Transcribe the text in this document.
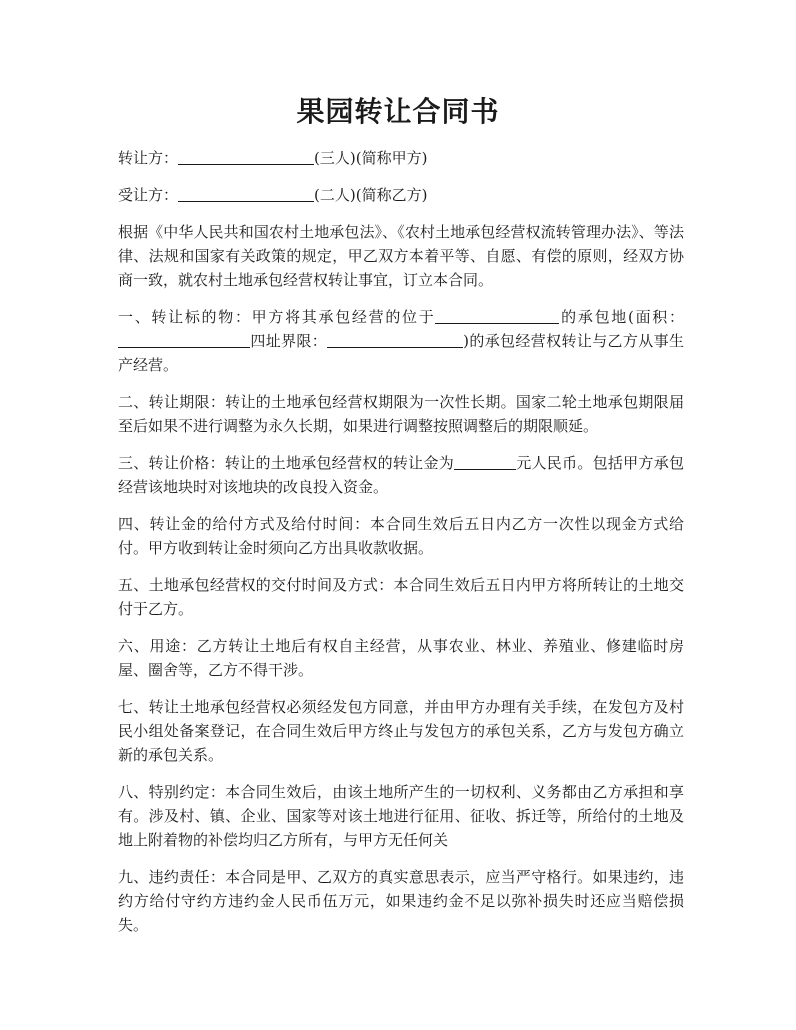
果园转让合同书

转让方：	(三人)(简称甲方)

受让方：	(二人)(简称乙方)

根据《中华人民共和国农村土地承包法》、《农村土地承包经营权流转管理办法》、等法律、法规和国家有关政策的规定，甲乙双方本着平等、自愿、有偿的原则，经双方协商一致，就农村土地承包经营权转让事宜，订立本合同。

一、转让标的物：甲方将其承包经营的位于	的承包地(面积：四址界限：	)的承包经营权转让与乙方从事生产经营。

二、转让期限：转让的土地承包经营权期限为一次性长期。国家二轮土地承包期限届至后如果不进行调整为永久长期，如果进行调整按照调整后的期限顺延。

三、转让价格：转让的土地承包经营权的转让金为	元人民币。包括甲方承包经营该地块时对该地块的改良投入资金。

四、转让金的给付方式及给付时间：本合同生效后五日内乙方一次性以现金方式给付。甲方收到转让金时须向乙方出具收款收据。

五、土地承包经营权的交付时间及方式：本合同生效后五日内甲方将所转让的土地交付于乙方。

六、用途：乙方转让土地后有权自主经营，从事农业、林业、养殖业、修建临时房屋、圈舍等，乙方不得干涉。

七、转让土地承包经营权必须经发包方同意，并由甲方办理有关手续，在发包方及村民小组处备案登记，在合同生效后甲方终止与发包方的承包关系，乙方与发包方确立新的承包关系。

八、特别约定：本合同生效后，由该土地所产生的一切权利、义务都由乙方承担和享有。涉及村、镇、企业、国家等对该土地进行征用、征收、拆迁等，所给付的土地及地上附着物的补偿均归乙方所有，与甲方无任何关

九、违约责任：本合同是甲、乙双方的真实意思表示，应当严守格行。如果违约，违约方给付守约方违约金人民币伍万元，如果违约金不足以弥补损失时还应当赔偿损失。
